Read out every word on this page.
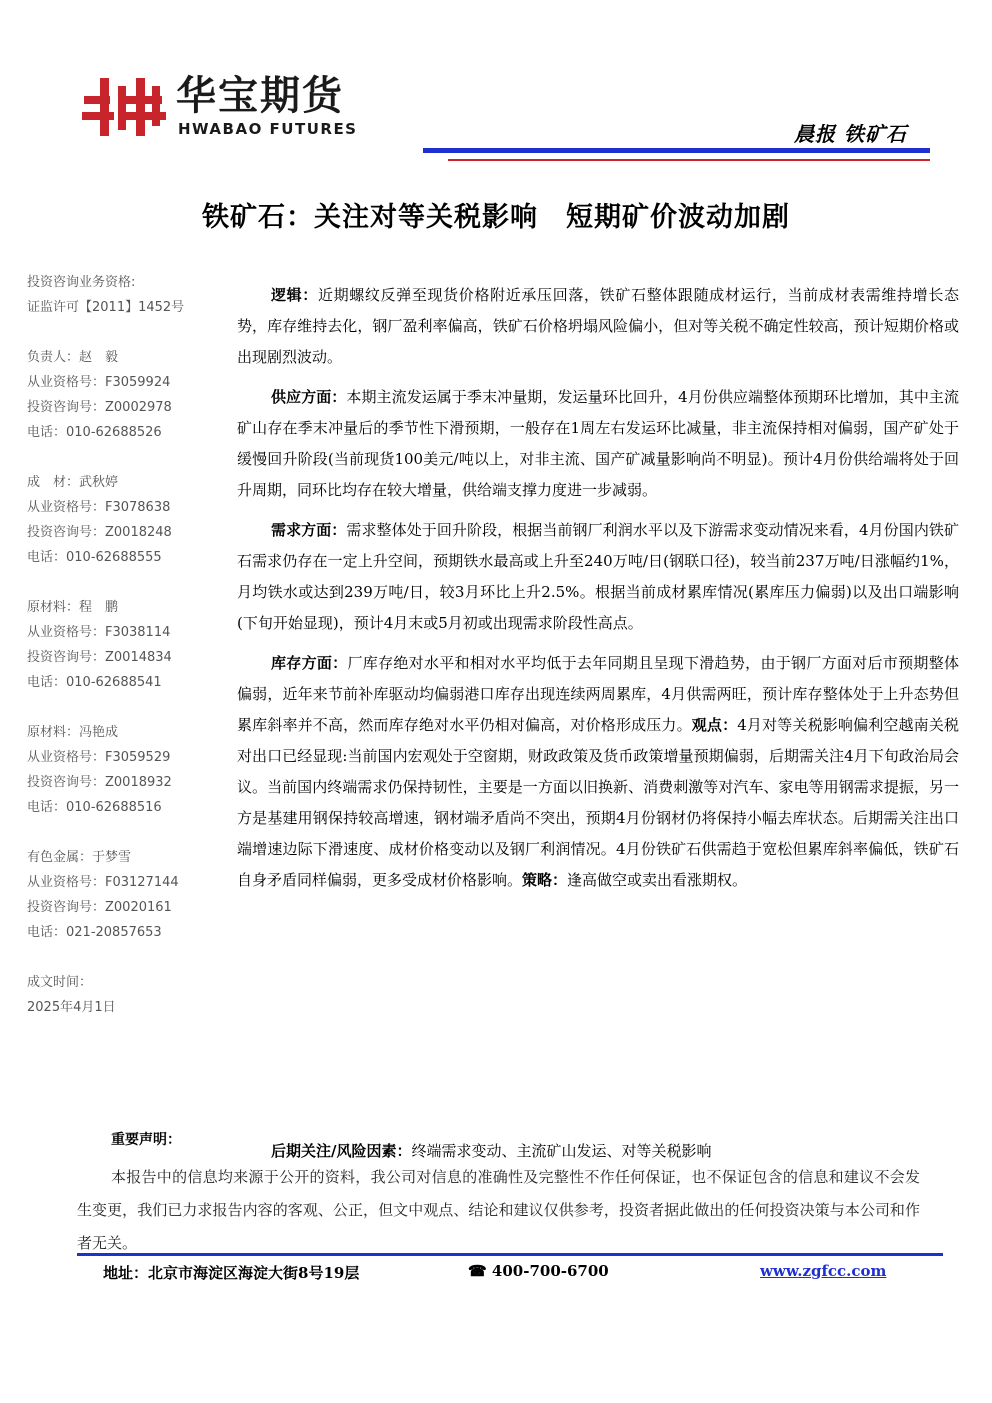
华宝期货
HWABAO FUTURES	晨报 铁矿石
铁矿石：关注对等关税影响　短期矿价波动加剧
投资咨询业务资格:
证监许可【2011】1452号
负责人：赵　毅
从业资格号：F3059924
投资咨询号：Z0002978
电话：010-62688526
成　材：武秋婷
从业资格号：F3078638
投资咨询号：Z0018248
电话：010-62688555
原材料：程　鹏
从业资格号：F3038114
投资咨询号：Z0014834
电话：010-62688541
原材料：冯艳成
从业资格号：F3059529
投资咨询号：Z0018932
电话：010-62688516
有色金属：于梦雪
从业资格号：F03127144
投资咨询号：Z0020161
电话：021-20857653
成文时间：
2025年4月1日

逻辑：近期螺纹反弹至现货价格附近承压回落，铁矿石整体跟随成材运行，当前成材表需维持增长态势，库存维持去化，钢厂盈利率偏高，铁矿石价格坍塌风险偏小，但对等关税不确定性较高，预计短期价格或出现剧烈波动。

供应方面：本期主流发运属于季末冲量期，发运量环比回升，4月份供应端整体预期环比增加，其中主流矿山存在季末冲量后的季节性下滑预期，一般存在1周左右发运环比减量，非主流保持相对偏弱，国产矿处于缓慢回升阶段(当前现货100美元/吨以上，对非主流、国产矿减量影响尚不明显)。预计4月份供给端将处于回升周期，同环比均存在较大增量，供给端支撑力度进一步减弱。

需求方面：需求整体处于回升阶段，根据当前钢厂利润水平以及下游需求变动情况来看，4月份国内铁矿石需求仍存在一定上升空间，预期铁水最高或上升至240万吨/日(钢联口径)，较当前237万吨/日涨幅约1%，月均铁水或达到239万吨/日，较3月环比上升2.5%。根据当前成材累库情况(累库压力偏弱)以及出口端影响(下旬开始显现)，预计4月末或5月初或出现需求阶段性高点。

库存方面：厂库存绝对水平和相对水平均低于去年同期且呈现下滑趋势，由于钢厂方面对后市预期整体偏弱，近年来节前补库驱动均偏弱港口库存出现连续两周累库，4月供需两旺，预计库存整体处于上升态势但累库斜率并不高，然而库存绝对水平仍相对偏高，对价格形成压力。观点：4月对等关税影响偏利空越南关税对出口已经显现:当前国内宏观处于空窗期，财政政策及货币政策增量预期偏弱，后期需关注4月下旬政治局会议。当前国内终端需求仍保持韧性，主要是一方面以旧换新、消费刺激等对汽车、家电等用钢需求提振，另一方是基建用钢保持较高增速，钢材端矛盾尚不突出，预期4月份钢材仍将保持小幅去库状态。后期需关注出口端增速边际下滑速度、成材价格变动以及钢厂利润情况。4月份铁矿石供需趋于宽松但累库斜率偏低，铁矿石自身矛盾同样偏弱，更多受成材价格影响。策略：逢高做空或卖出看涨期权。

重要声明：
后期关注/风险因素：终端需求变动、主流矿山发运、对等关税影响
本报告中的信息均来源于公开的资料，我公司对信息的准确性及完整性不作任何保证，也不保证包含的信息和建议不会发生变更，我们已力求报告内容的客观、公正，但文中观点、结论和建议仅供参考，投资者据此做出的任何投资决策与本公司和作者无关。
地址：北京市海淀区海淀大街8号19层	☎ 400-700-6700	www.zgfcc.com
